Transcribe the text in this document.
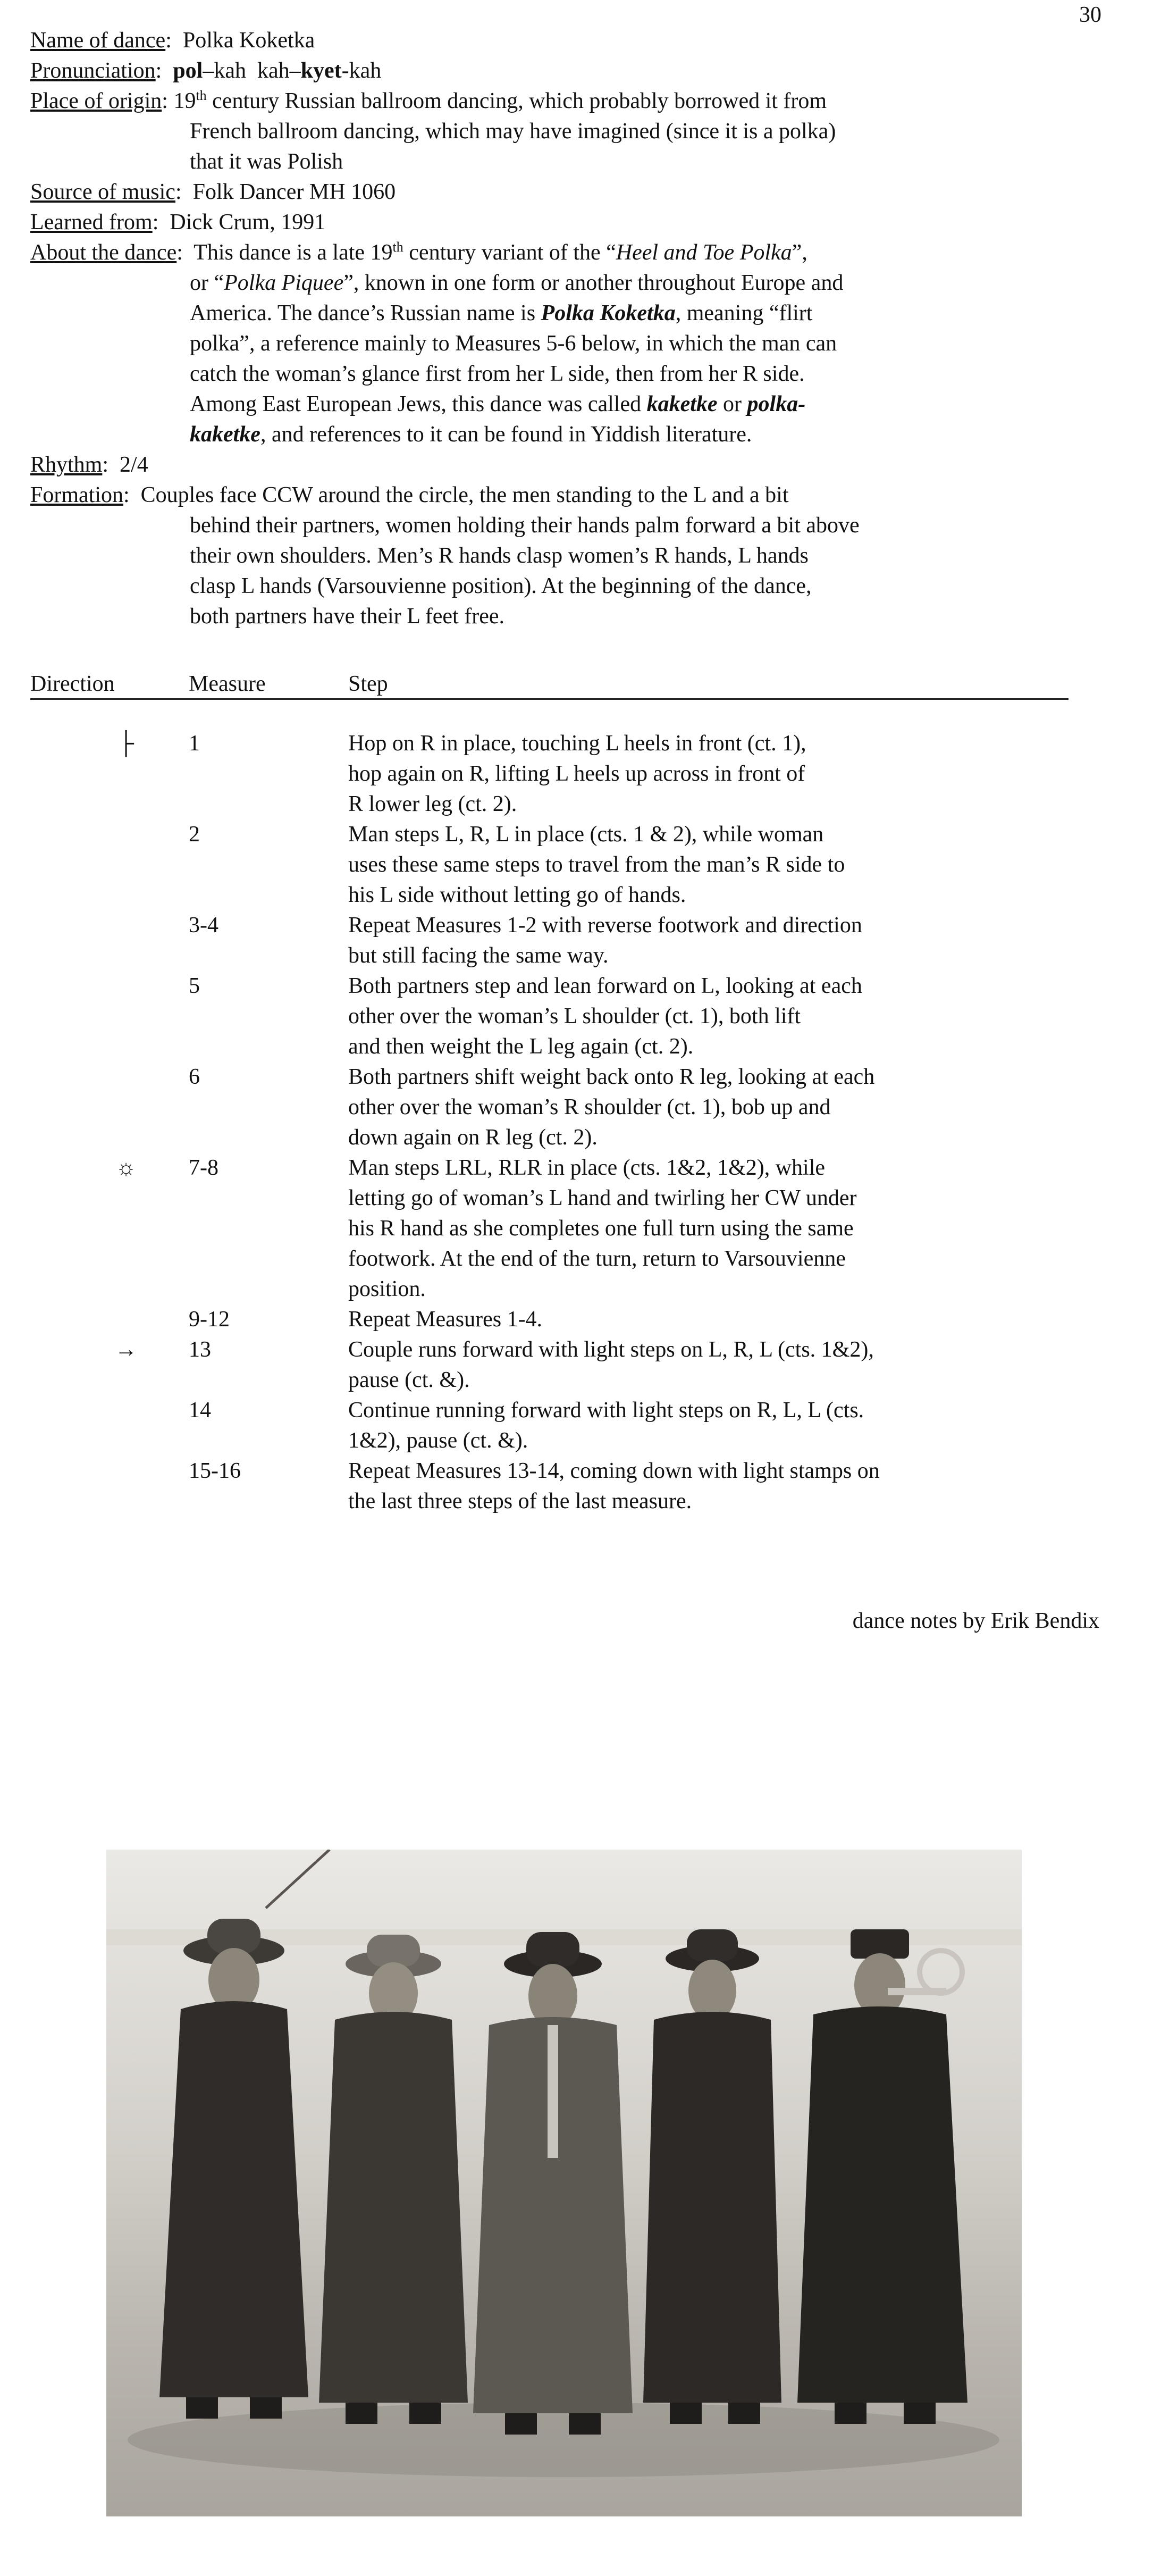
30
Name of dance:  Polka Koketka
Pronunciation:  pol–kah  kah–kyet-kah
Place of origin: 19th century Russian ballroom dancing, which probably borrowed it from
French ballroom dancing, which may have imagined (since it is a polka)
that it was Polish
Source of music:  Folk Dancer MH 1060
Learned from:  Dick Crum, 1991
About the dance:  This dance is a late 19th century variant of the “Heel and Toe Polka”,
or “Polka Piquee”, known in one form or another throughout Europe and
America. The dance’s Russian name is Polka Koketka, meaning “flirt
polka”, a reference mainly to Measures 5-6 below, in which the man can
catch the woman’s glance first from her L side, then from her R side.
Among East European Jews, this dance was called kaketke or polka-
kaketke, and references to it can be found in Yiddish literature.
Rhythm:  2/4
Formation:  Couples face CCW around the circle, the men standing to the L and a bit
behind their partners, women holding their hands palm forward a bit above
their own shoulders. Men’s R hands clasp women’s R hands, L hands
clasp L hands (Varsouvienne position). At the beginning of the dance,
both partners have their L feet free.
Direction	Measure	Step
├	1	Hop on R in place, touching L heels in front (ct. 1),
hop again on R, lifting L heels up across in front of
R lower leg (ct. 2).
2	Man steps L, R, L in place (cts. 1 & 2), while woman
uses these same steps to travel from the man’s R side to
his L side without letting go of hands.
3-4	Repeat Measures 1-2 with reverse footwork and direction
but still facing the same way.
5	Both partners step and lean forward on L, looking at each
other over the woman’s L shoulder (ct. 1), both lift
and then weight the L leg again (ct. 2).
6	Both partners shift weight back onto R leg, looking at each
other over the woman’s R shoulder (ct. 1), bob up and
down again on R leg (ct. 2).
☼	7-8	Man steps LRL, RLR in place (cts. 1&2, 1&2), while
letting go of woman’s L hand and twirling her CW under
his R hand as she completes one full turn using the same
footwork. At the end of the turn, return to Varsouvienne
position.
9-12	Repeat Measures 1-4.
→	13	Couple runs forward with light steps on L, R, L (cts. 1&2),
pause (ct. &).
14	Continue running forward with light steps on R, L, L (cts.
1&2), pause (ct. &).
15-16	Repeat Measures 13-14, coming down with light stamps on
the last three steps of the last measure.
dance notes by Erik Bendix
